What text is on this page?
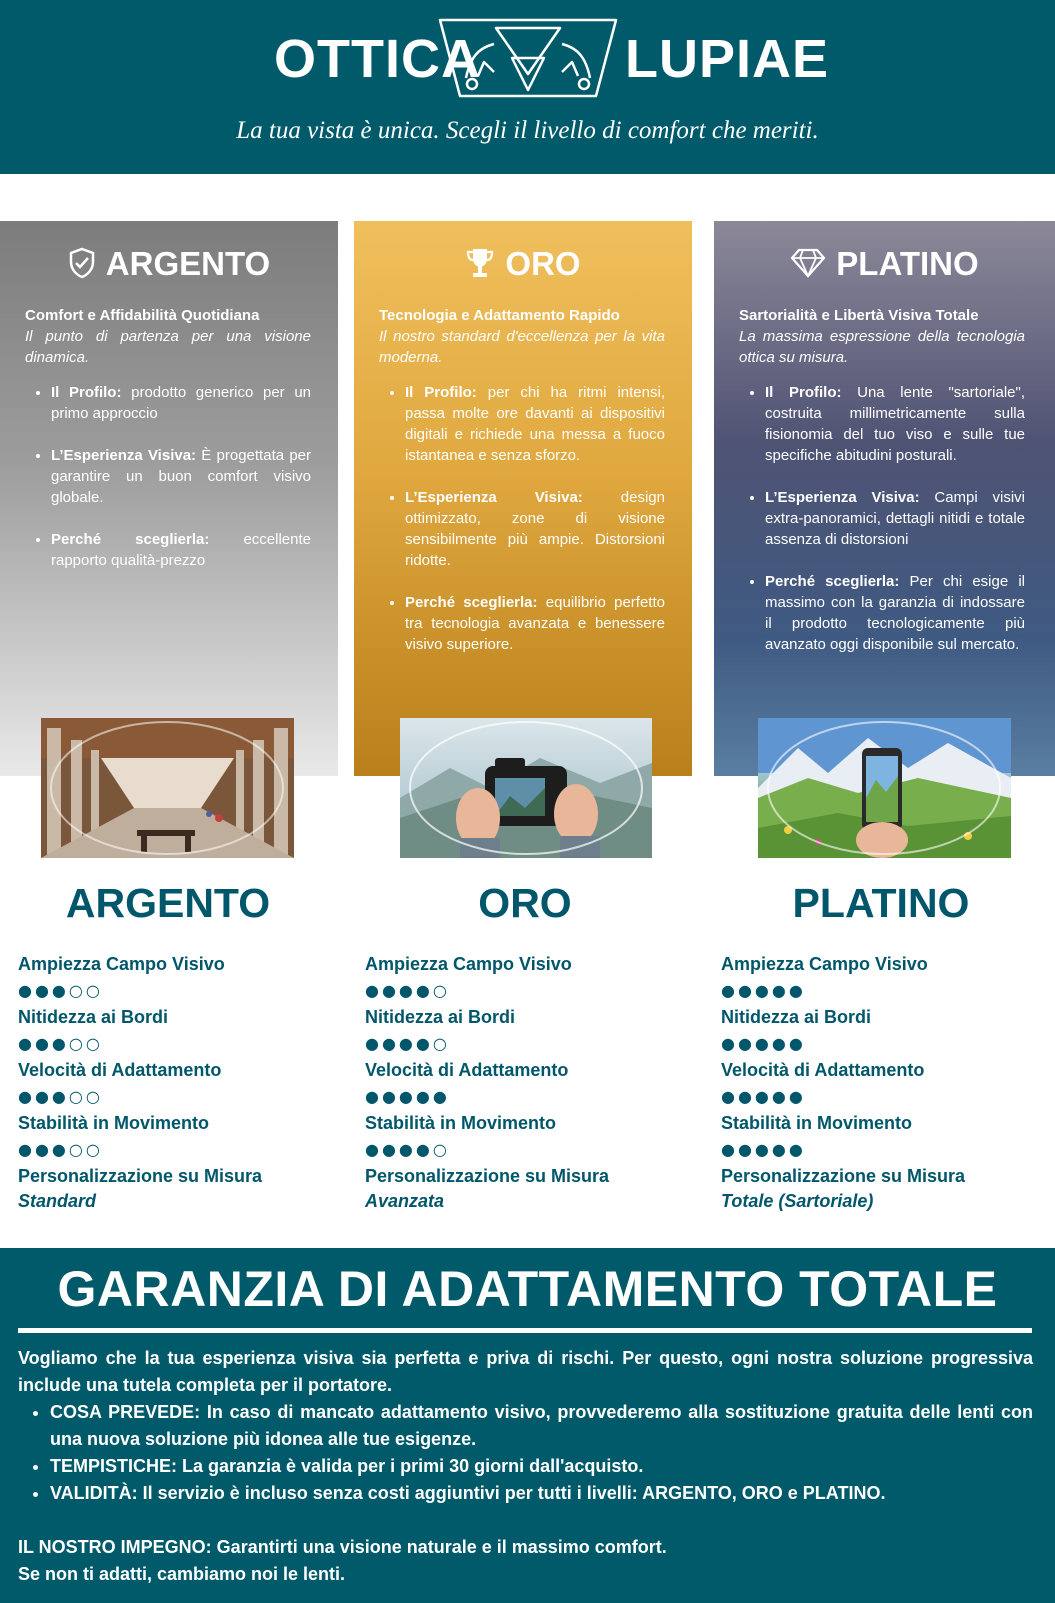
OTTICA	LUPIAE
La tua vista è unica. Scegli il livello di comfort che meriti.
ARGENTO
Comfort e Affidabilità Quotidiana
Il punto di partenza per una visione dinamica.
• Il Profilo: prodotto generico per un primo approccio
• L’Esperienza Visiva: È progettata per garantire un buon comfort visivo globale.
• Perché sceglierla: eccellente rapporto qualità-prezzo
ORO
Tecnologia e Adattamento Rapido
Il nostro standard d'eccellenza per la vita moderna.
• Il Profilo: per chi ha ritmi intensi, passa molte ore davanti ai dispositivi digitali e richiede una messa a fuoco istantanea e senza sforzo.
• L’Esperienza Visiva: design ottimizzato, zone di visione sensibilmente più ampie. Distorsioni ridotte.
• Perché sceglierla: equilibrio perfetto tra tecnologia avanzata e benessere visivo superiore.
PLATINO
Sartorialità e Libertà Visiva Totale
La massima espressione della tecnologia ottica su misura.
• Il Profilo: Una lente "sartoriale", costruita millimetricamente sulla fisionomia del tuo viso e sulle tue specifiche abitudini posturali.
• L’Esperienza Visiva: Campi visivi extra-panoramici, dettagli nitidi e totale assenza di distorsioni
• Perché sceglierla: Per chi esige il massimo con la garanzia di indossare il prodotto tecnologicamente più avanzato oggi disponibile sul mercato.
ARGENTO
Ampiezza Campo Visivo
●●●○○
Nitidezza ai Bordi
●●●○○
Velocità di Adattamento
●●●○○
Stabilità in Movimento
●●●○○
Personalizzazione su Misura
Standard
ORO
Ampiezza Campo Visivo
●●●●○
Nitidezza ai Bordi
●●●●○
Velocità di Adattamento
●●●●●
Stabilità in Movimento
●●●●○
Personalizzazione su Misura
Avanzata
PLATINO
Ampiezza Campo Visivo
●●●●●
Nitidezza ai Bordi
●●●●●
Velocità di Adattamento
●●●●●
Stabilità in Movimento
●●●●●
Personalizzazione su Misura
Totale (Sartoriale)
GARANZIA DI ADATTAMENTO TOTALE
Vogliamo che la tua esperienza visiva sia perfetta e priva di rischi. Per questo, ogni nostra soluzione progressiva include una tutela completa per il portatore.
• COSA PREVEDE: In caso di mancato adattamento visivo, provvederemo alla sostituzione gratuita delle lenti con una nuova soluzione più idonea alle tue esigenze.
• TEMPISTICHE: La garanzia è valida per i primi 30 giorni dall'acquisto.
• VALIDITÀ: Il servizio è incluso senza costi aggiuntivi per tutti i livelli: ARGENTO, ORO e PLATINO.
IL NOSTRO IMPEGNO: Garantirti una visione naturale e il massimo comfort.
Se non ti adatti, cambiamo noi le lenti.
